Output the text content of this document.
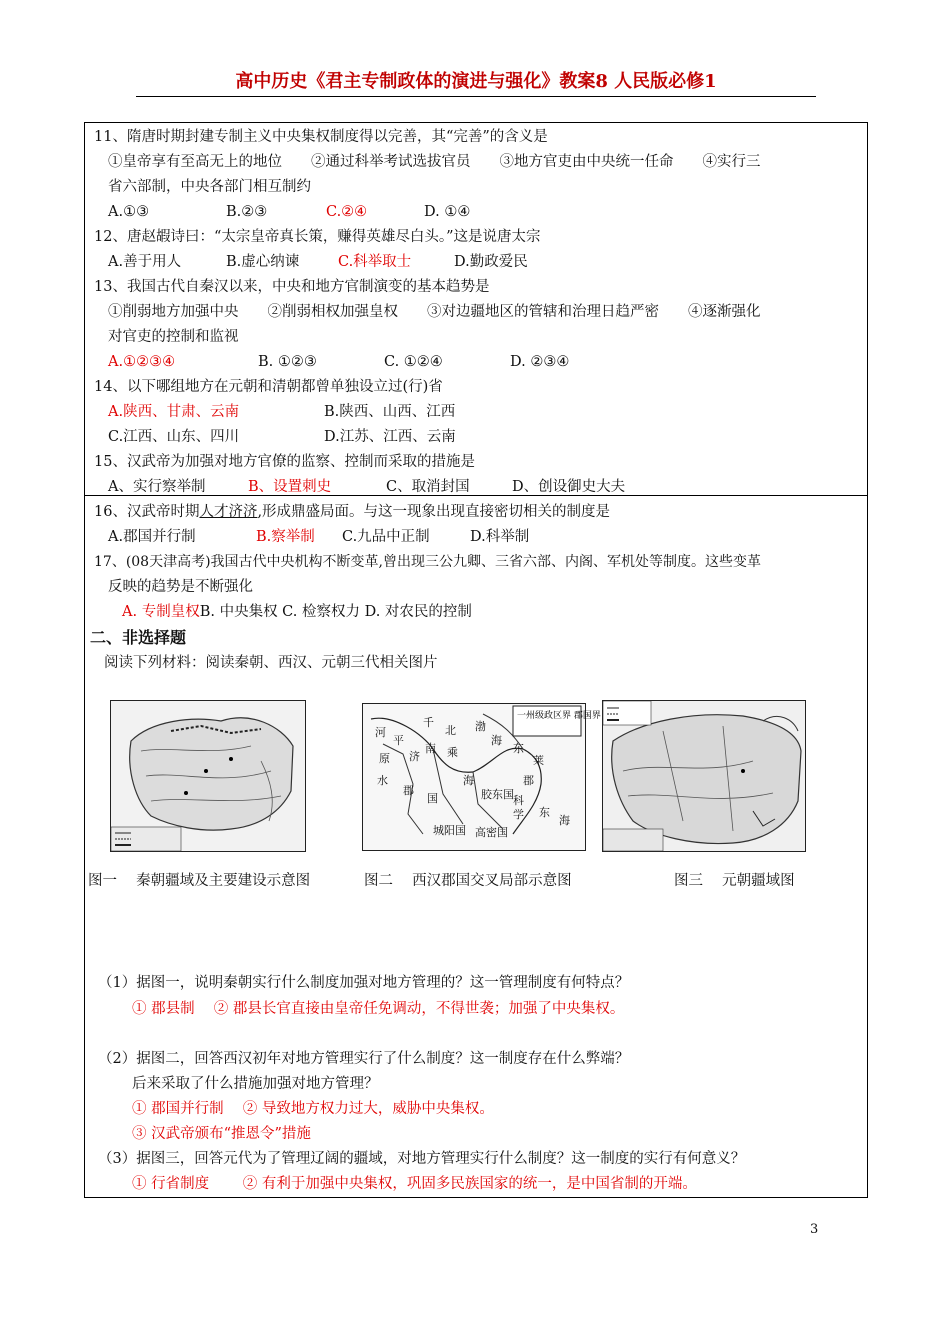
高中历史《君主专制政体的演进与强化》教案8 人民版必修1
11、隋唐时期封建专制主义中央集权制度得以完善，其“完善”的含义是
①皇帝享有至高无上的地位　　②通过科举考试选拔官员　　③地方官吏由中央统一任命　　④实行三
省六部制，中央各部门相互制约
A.①③	B.②③	C.②④	D. ①④
12、唐赵嘏诗曰：“太宗皇帝真长策，赚得英雄尽白头。”这是说唐太宗
A.善于用人	B.虚心纳谏	C.科举取士	D.勤政爱民
13、我国古代自秦汉以来，中央和地方官制演变的基本趋势是
①削弱地方加强中央　　②削弱相权加强皇权　　③对边疆地区的管辖和治理日趋严密　　④逐渐强化
对官吏的控制和监视
A.①②③④	B. ①②③	C. ①②④	D. ②③④
14、以下哪组地方在元朝和清朝都曾单独设立过(行)省
A.陕西、甘肃、云南	B.陕西、山西、江西
C.江西、山东、四川	D.江苏、江西、云南
15、汉武帝为加强对地方官僚的监察、控制而采取的措施是
A、实行察举制	B、设置刺史	C、取消封国	D、创设御史大夫
16、汉武帝时期人才济济,形成鼎盛局面。与这一现象出现直接密切相关的制度是
A.郡国并行制	B.察举制 C.九品中正制	D.科举制
17、(08天津高考)我国古代中央机构不断变革,曾出现三公九卿、三省六部、内阁、军机处等制度。这些变革
反映的趋势是不断强化
A. 专制皇权B. 中央集权 C. 检察权力 D. 对农民的控制
二、非选择题
阅读下列材料：阅读秦朝、西汉、元朝三代相关图片
一州级政区界 郡国界
河
平
济
千
北 渤
海
东
莱
郡
原
南 乘
海
胶东国 科
学
水
郡
国
城阳国 高密国
东
海
图一　 秦朝疆域及主要建设示意图	图二　 西汉郡国交叉局部示意图	图三　 元朝疆域图
（1）据图一，说明秦朝实行什么制度加强对地方管理的？这一管理制度有何特点？
① 郡县制　 ② 郡县长官直接由皇帝任免调动，不得世袭；加强了中央集权。
（2）据图二，回答西汉初年对地方管理实行了什么制度？这一制度存在什么弊端？
后来采取了什么措施加强对地方管理？
① 郡国并行制　 ② 导致地方权力过大，威胁中央集权。
③ 汉武帝颁布“推恩令”措施
（3）据图三，回答元代为了管理辽阔的疆域，对地方管理实行什么制度？这一制度的实行有何意义？
① 行省制度　　 ② 有利于加强中央集权，巩固多民族国家的统一，是中国省制的开端。
3
